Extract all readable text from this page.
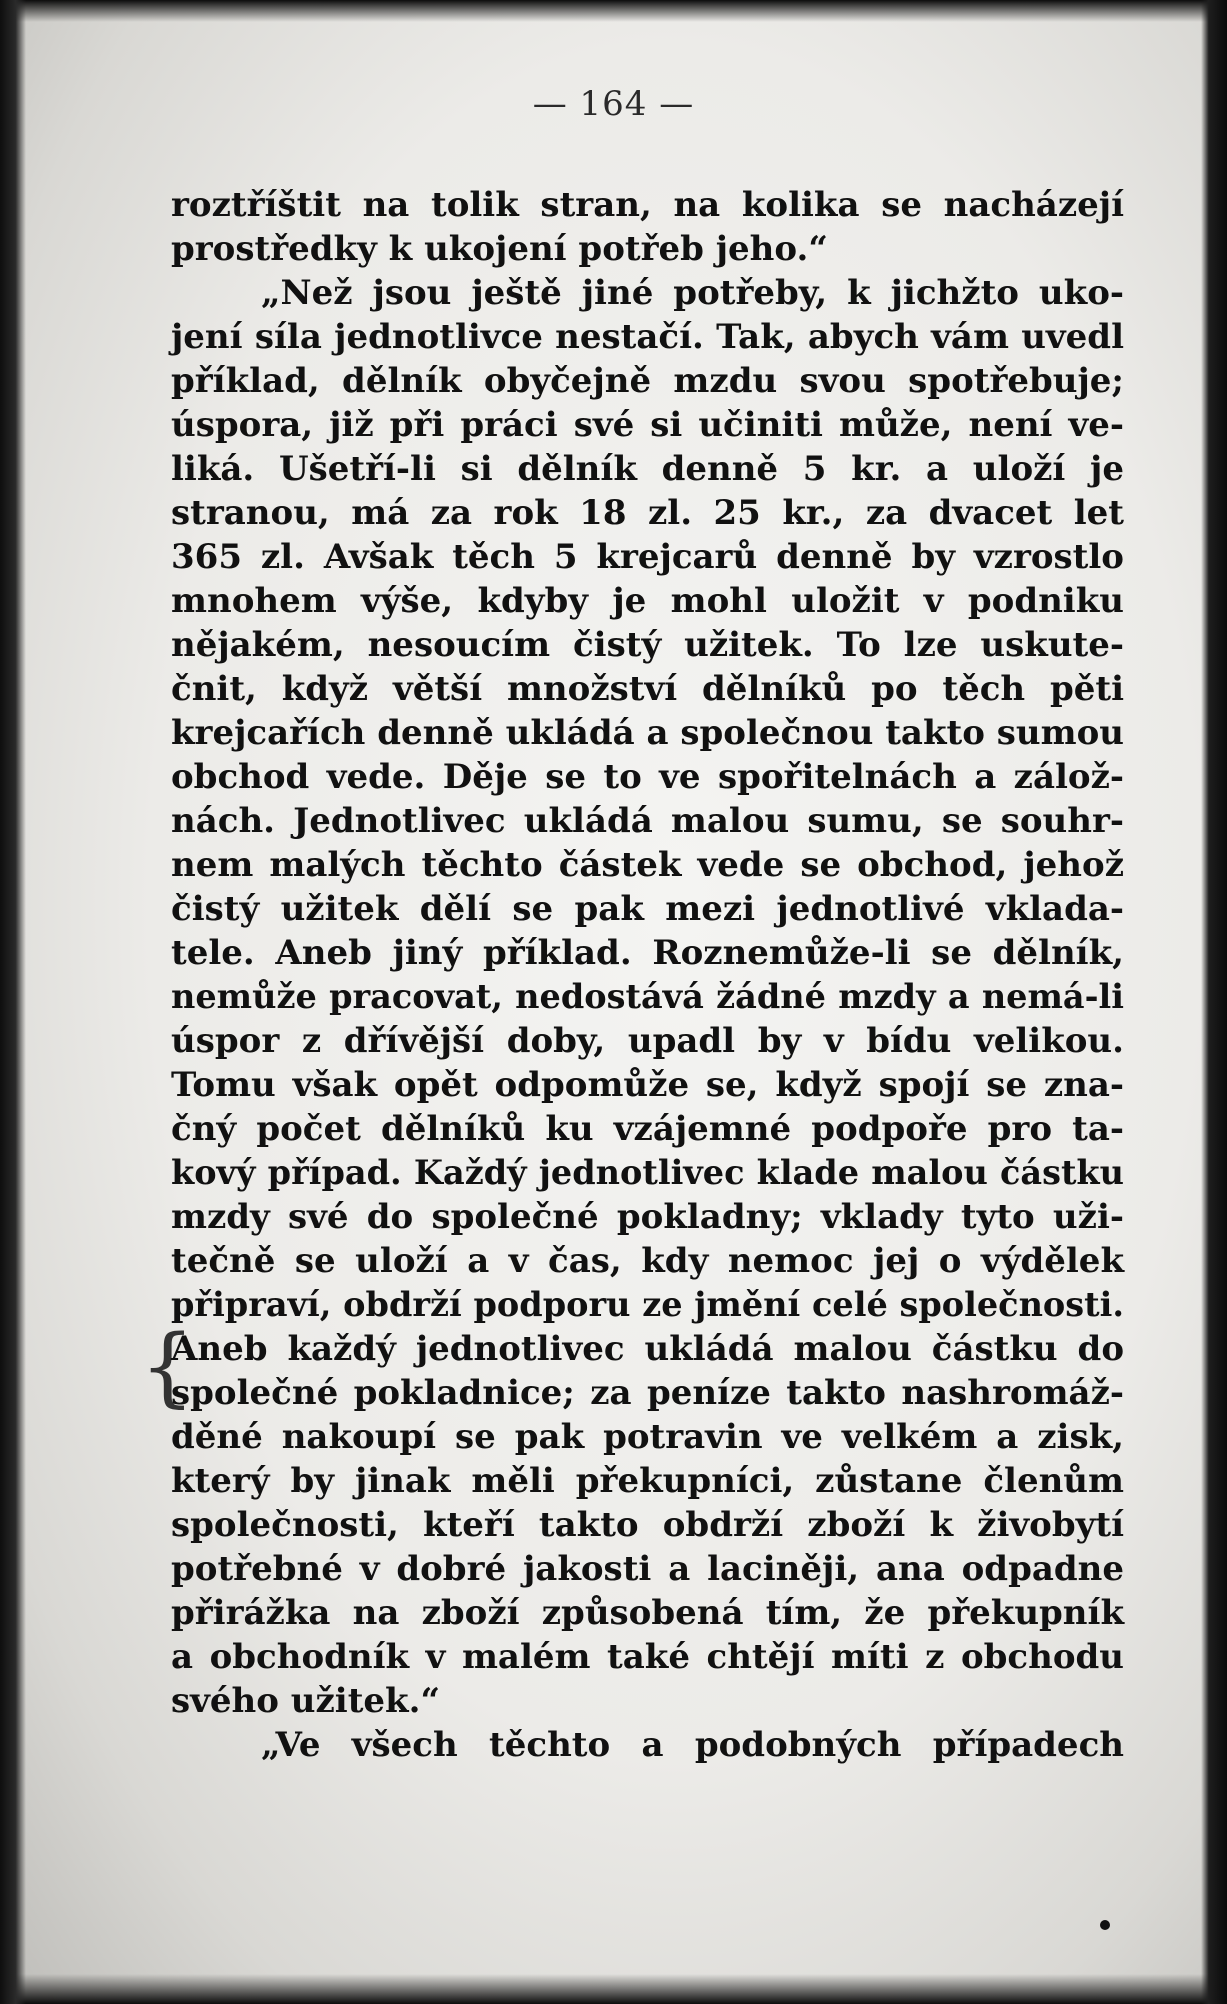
— 164 —
{
roztříštit na tolik stran, na kolika se nacházejí
prostředky k ukojení potřeb jeho.“
„Než jsou ještě jiné potřeby, k jichžto uko-
jení síla jednotlivce nestačí. Tak, abych vám uvedl
příklad, dělník obyčejně mzdu svou spotřebuje;
úspora, již při práci své si učiniti může, není ve-
liká. Ušetří-li si dělník denně 5 kr. a uloží je
stranou, má za rok 18 zl. 25 kr., za dvacet let
365 zl. Avšak těch 5 krejcarů denně by vzrostlo
mnohem výše, kdyby je mohl uložit v podniku
nějakém, nesoucím čistý užitek. To lze uskute-
čnit, když větší množství dělníků po těch pěti
krejcařích denně ukládá a společnou takto sumou
obchod vede. Děje se to ve spořitelnách a zálož-
nách. Jednotlivec ukládá malou sumu, se souhr-
nem malých těchto částek vede se obchod, jehož
čistý užitek dělí se pak mezi jednotlivé vklada-
tele. Aneb jiný příklad. Roznemůže-li se dělník,
nemůže pracovat, nedostává žádné mzdy a nemá-li
úspor z dřívější doby, upadl by v bídu velikou.
Tomu však opět odpomůže se, když spojí se zna-
čný počet dělníků ku vzájemné podpoře pro ta-
kový případ. Každý jednotlivec klade malou částku
mzdy své do společné pokladny; vklady tyto uži-
tečně se uloží a v čas, kdy nemoc jej o výdělek
připraví, obdrží podporu ze jmění celé společnosti.
Aneb každý jednotlivec ukládá malou částku do
společné pokladnice; za peníze takto nashromáž-
děné nakoupí se pak potravin ve velkém a zisk,
který by jinak měli překupníci, zůstane členům
společnosti, kteří takto obdrží zboží k živobytí
potřebné v dobré jakosti a laciněji, ana odpadne
přirážka na zboží způsobená tím, že překupník
a obchodník v malém také chtějí míti z obchodu
svého užitek.“
„Ve všech těchto a podobných případech
